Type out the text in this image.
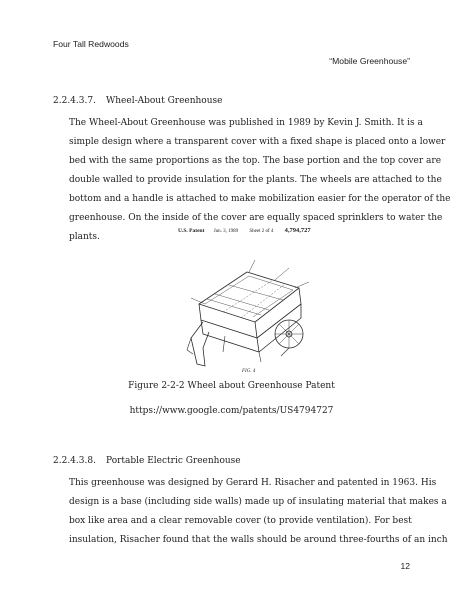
Four Tall Redwoods
“Mobile Greenhouse”
2.2.4.3.7. Wheel-About Greenhouse
The Wheel-About Greenhouse was published in 1989 by Kevin J. Smith. It is a
simple design where a transparent cover with a fixed shape is placed onto a lower
bed with the same proportions as the top. The base portion and the top cover are
double walled to provide insulation for the plants. The wheels are attached to the
bottom and a handle is attached to make mobilization easier for the operator of the
greenhouse. On the inside of the cover are equally spaced sprinklers to water the
plants.
U.S. Patent Jun. 3, 1989 Sheet 2 of 4 4,794,727
FIG. 4
Figure 2-2-2 Wheel about Greenhouse Patent
https://www.google.com/patents/US4794727
2.2.4.3.8. Portable Electric Greenhouse
This greenhouse was designed by Gerard H. Risacher and patented in 1963. His
design is a base (including side walls) made up of insulating material that makes a
box like area and a clear removable cover (to provide ventilation). For best
insulation, Risacher found that the walls should be around three-fourths of an inch
12
